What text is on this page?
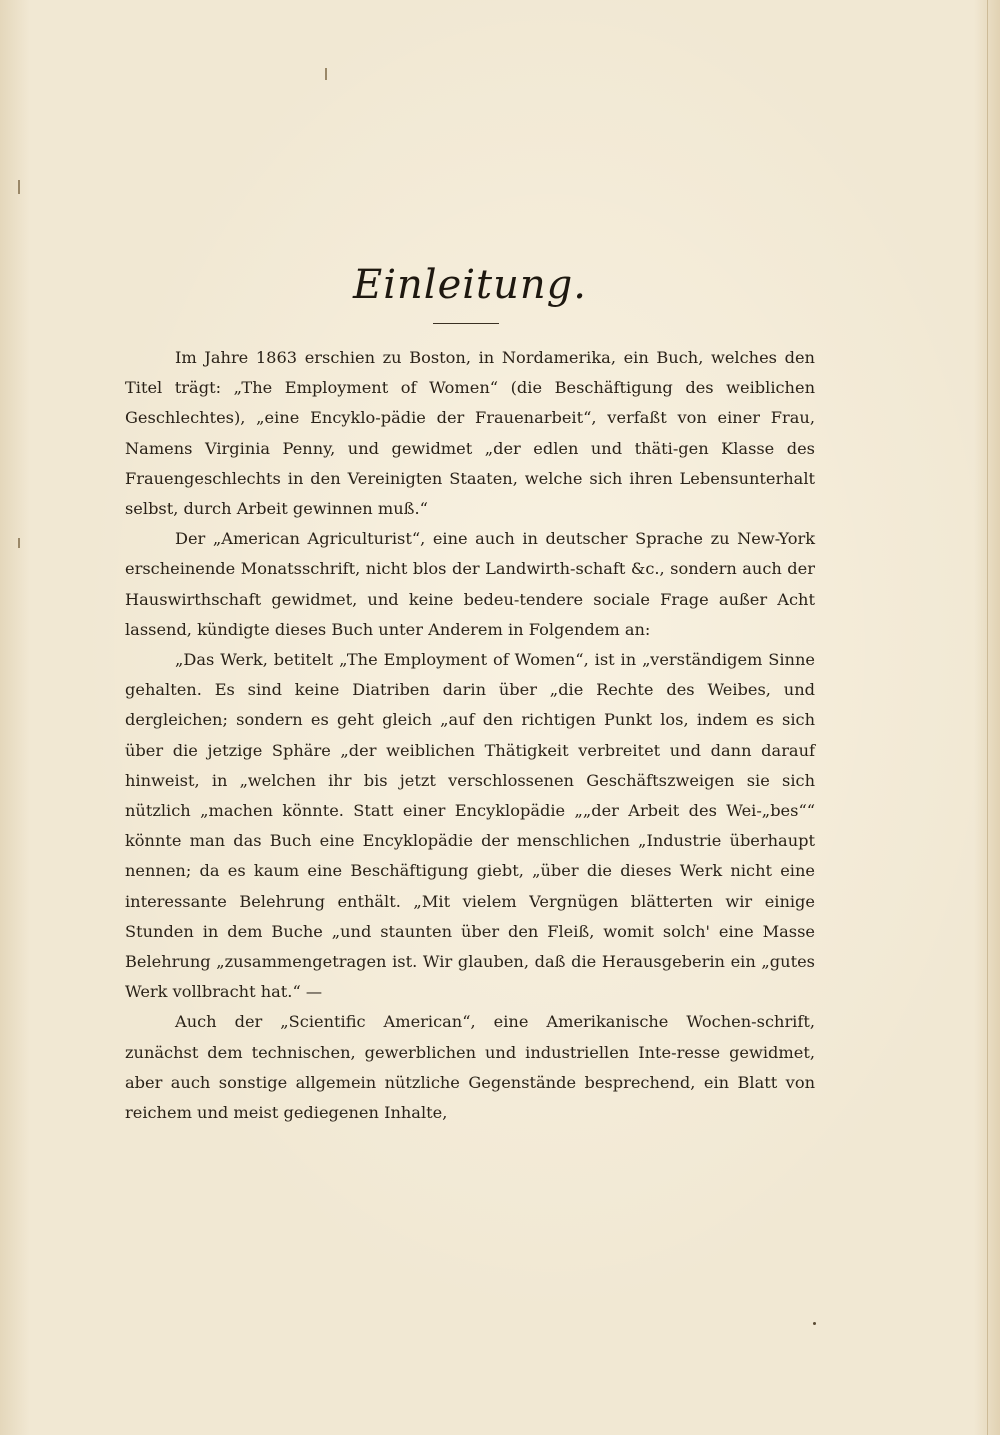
Einleitung.

Im Jahre 1863 erschien zu Boston, in Nordamerika, ein Buch, welches den Titel trägt: „The Employment of Women“ (die Beschäftigung des weiblichen Geschlechtes), „eine Encyklo-pädie der Frauenarbeit“, verfaßt von einer Frau, Namens Virginia Penny, und gewidmet „der edlen und thäti-gen Klasse des Frauengeschlechts in den Vereinigten Staaten, welche sich ihren Lebensunterhalt selbst, durch Arbeit gewinnen muß.“

Der „American Agriculturist“, eine auch in deutscher Sprache zu New-York erscheinende Monatsschrift, nicht blos der Landwirth-schaft &c., sondern auch der Hauswirthschaft gewidmet, und keine bedeu-tendere sociale Frage außer Acht lassend, kündigte dieses Buch unter Anderem in Folgendem an:

„Das Werk, betitelt „The Employment of Women“, ist in „verständigem Sinne gehalten. Es sind keine Diatriben darin über „die Rechte des Weibes, und dergleichen; sondern es geht gleich „auf den richtigen Punkt los, indem es sich über die jetzige Sphäre „der weiblichen Thätigkeit verbreitet und dann darauf hinweist, in „welchen ihr bis jetzt verschlossenen Geschäftszweigen sie sich nützlich „machen könnte. Statt einer Encyklopädie „„der Arbeit des Wei-„bes““ könnte man das Buch eine Encyklopädie der menschlichen „Industrie überhaupt nennen; da es kaum eine Beschäftigung giebt, „über die dieses Werk nicht eine interessante Belehrung enthält. „Mit vielem Vergnügen blätterten wir einige Stunden in dem Buche „und staunten über den Fleiß, womit solch' eine Masse Belehrung „zusammengetragen ist. Wir glauben, daß die Herausgeberin ein „gutes Werk vollbracht hat.“ —

Auch der „Scientific American“, eine Amerikanische Wochen-schrift, zunächst dem technischen, gewerblichen und industriellen Inte-resse gewidmet, aber auch sonstige allgemein nützliche Gegenstände besprechend, ein Blatt von reichem und meist gediegenen Inhalte,
